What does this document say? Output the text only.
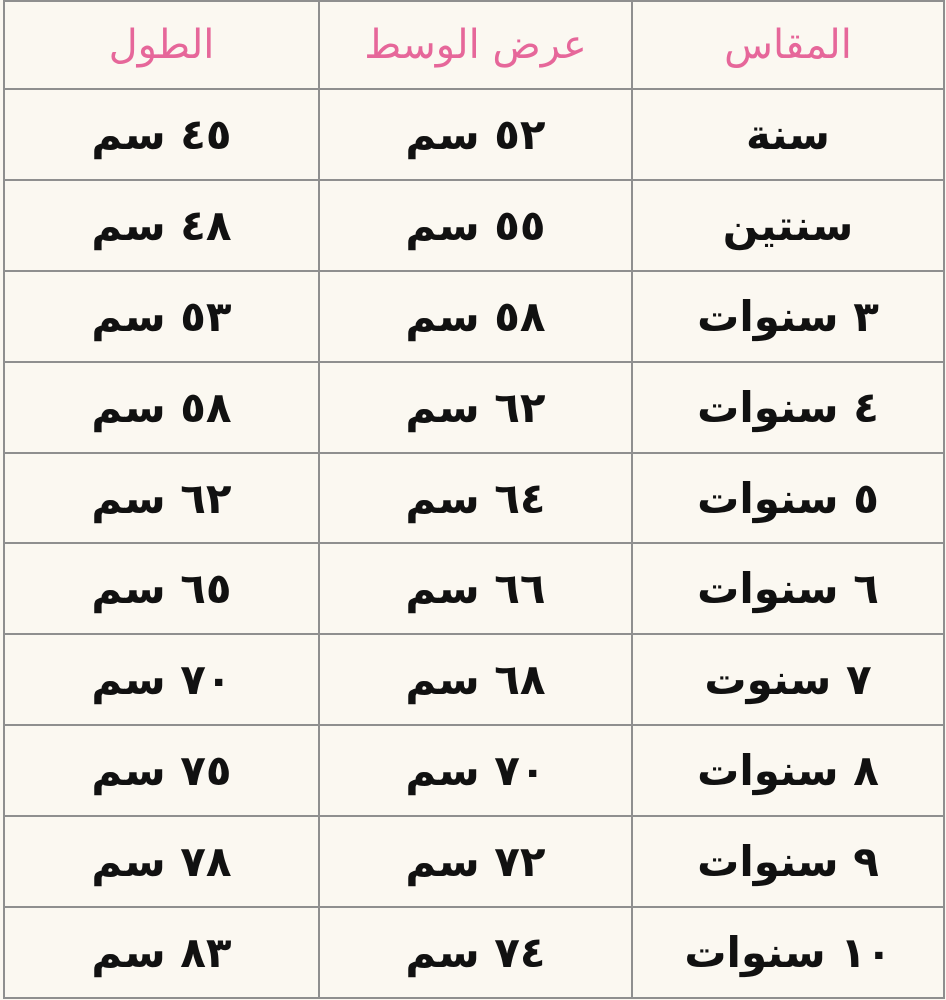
المقاس	عرض الوسط	الطول
سنة	٥٢ سم	٤٥ سم
سنتين	٥٥ سم	٤٨ سم
٣ سنوات	٥٨ سم	٥٣ سم
٤ سنوات	٦٢ سم	٥٨ سم
٥ سنوات	٦٤ سم	٦٢ سم
٦ سنوات	٦٦ سم	٦٥ سم
٧ سنوت	٦٨ سم	٧٠ سم
٨ سنوات	٧٠ سم	٧٥ سم
٩ سنوات	٧٢ سم	٧٨ سم
١٠ سنوات	٧٤ سم	٨٣ سم
